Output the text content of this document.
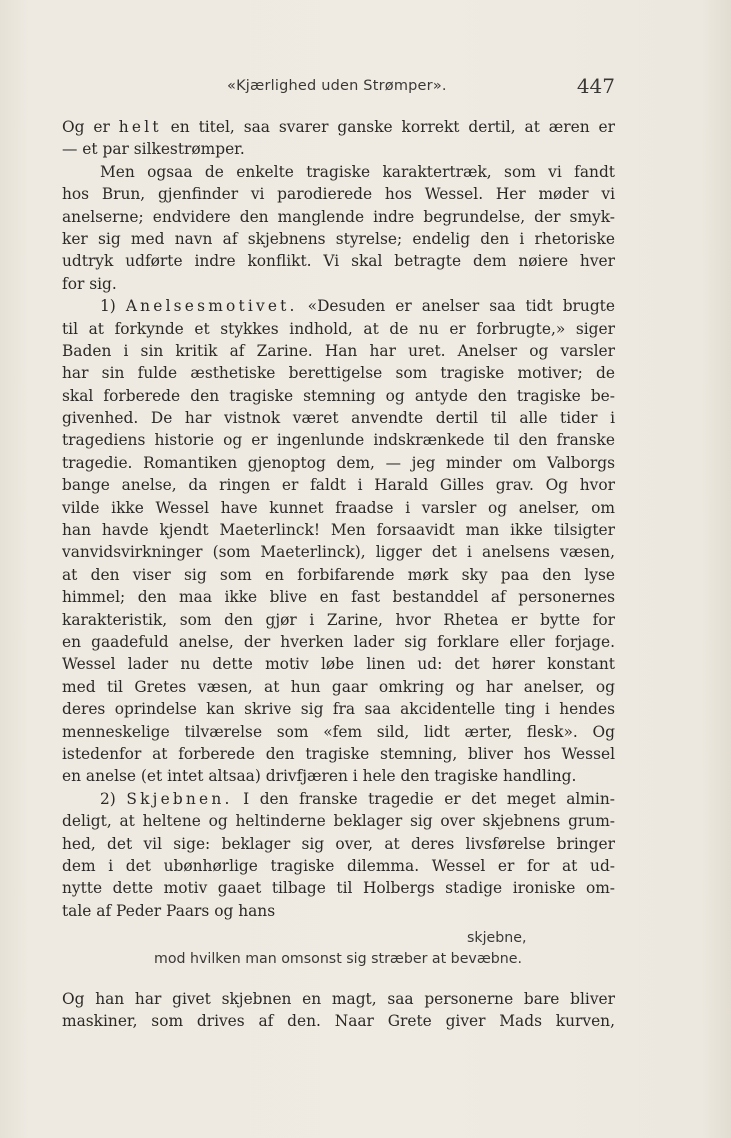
«Kjærlighed uden Strømper».	447
Og er helt en titel, saa svarer ganske korrekt dertil, at æren er
— et par silkestrømper.
Men ogsaa de enkelte tragiske karaktertræk, som vi fandt
hos Brun, gjenfinder vi parodierede hos Wessel. Her møder vi
anelserne; endvidere den manglende indre begrundelse, der smyk-
ker sig med navn af skjebnens styrelse; endelig den i rhetoriske
udtryk udførte indre konflikt. Vi skal betragte dem nøiere hver
for sig.
1) Anelsesmotivet. «Desuden er anelser saa tidt brugte
til at forkynde et stykkes indhold, at de nu er forbrugte,» siger
Baden i sin kritik af Zarine. Han har uret. Anelser og varsler
har sin fulde æsthetiske berettigelse som tragiske motiver; de
skal forberede den tragiske stemning og antyde den tragiske be-
givenhed. De har vistnok været anvendte dertil til alle tider i
tragediens historie og er ingenlunde indskrænkede til den franske
tragedie. Romantiken gjenoptog dem, — jeg minder om Valborgs
bange anelse, da ringen er faldt i Harald Gilles grav. Og hvor
vilde ikke Wessel have kunnet fraadse i varsler og anelser, om
han havde kjendt Maeterlinck! Men forsaavidt man ikke tilsigter
vanvidsvirkninger (som Maeterlinck), ligger det i anelsens væsen,
at den viser sig som en forbifarende mørk sky paa den lyse
himmel; den maa ikke blive en fast bestanddel af personernes
karakteristik, som den gjør i Zarine, hvor Rhetea er bytte for
en gaadefuld anelse, der hverken lader sig forklare eller forjage.
Wessel lader nu dette motiv løbe linen ud: det hører konstant
med til Gretes væsen, at hun gaar omkring og har anelser, og
deres oprindelse kan skrive sig fra saa akcidentelle ting i hendes
menneskelige tilværelse som «fem sild, lidt ærter, flesk». Og
istedenfor at forberede den tragiske stemning, bliver hos Wessel
en anelse (et intet altsaa) drivfjæren i hele den tragiske handling.
2) Skjebnen. I den franske tragedie er det meget almin-
deligt, at heltene og heltinderne beklager sig over skjebnens grum-
hed, det vil sige: beklager sig over, at deres livsførelse bringer
dem i det ubønhørlige tragiske dilemma. Wessel er for at ud-
nytte dette motiv gaaet tilbage til Holbergs stadige ironiske om-
tale af Peder Paars og hans
skjebne,
mod hvilken man omsonst sig stræber at bevæbne.
Og han har givet skjebnen en magt, saa personerne bare bliver
maskiner, som drives af den. Naar Grete giver Mads kurven,
